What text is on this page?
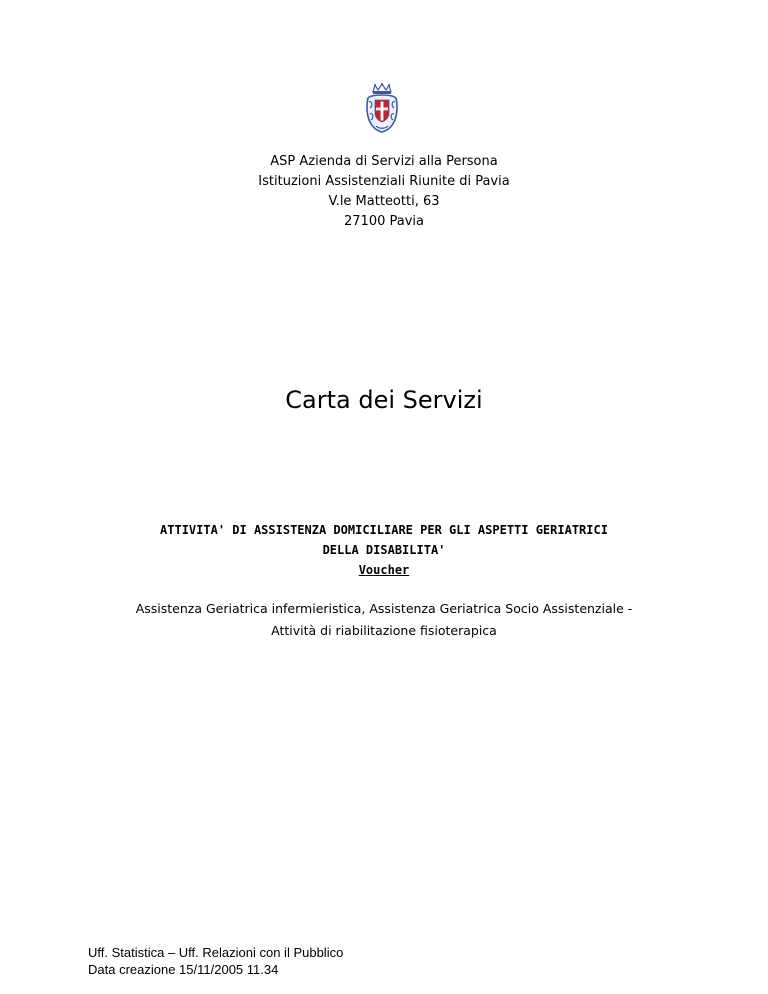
ASP Azienda di Servizi alla Persona
Istituzioni Assistenziali Riunite di Pavia
V.le Matteotti, 63
27100 Pavia
Carta dei Servizi
ATTIVITA' DI ASSISTENZA DOMICILIARE PER GLI ASPETTI GERIATRICI
DELLA DISABILITA'
Voucher
Assistenza Geriatrica infermieristica, Assistenza Geriatrica Socio Assistenziale -
Attività di riabilitazione fisioterapica
Uff. Statistica – Uff. Relazioni con il Pubblico
Data creazione 15/11/2005 11.34
